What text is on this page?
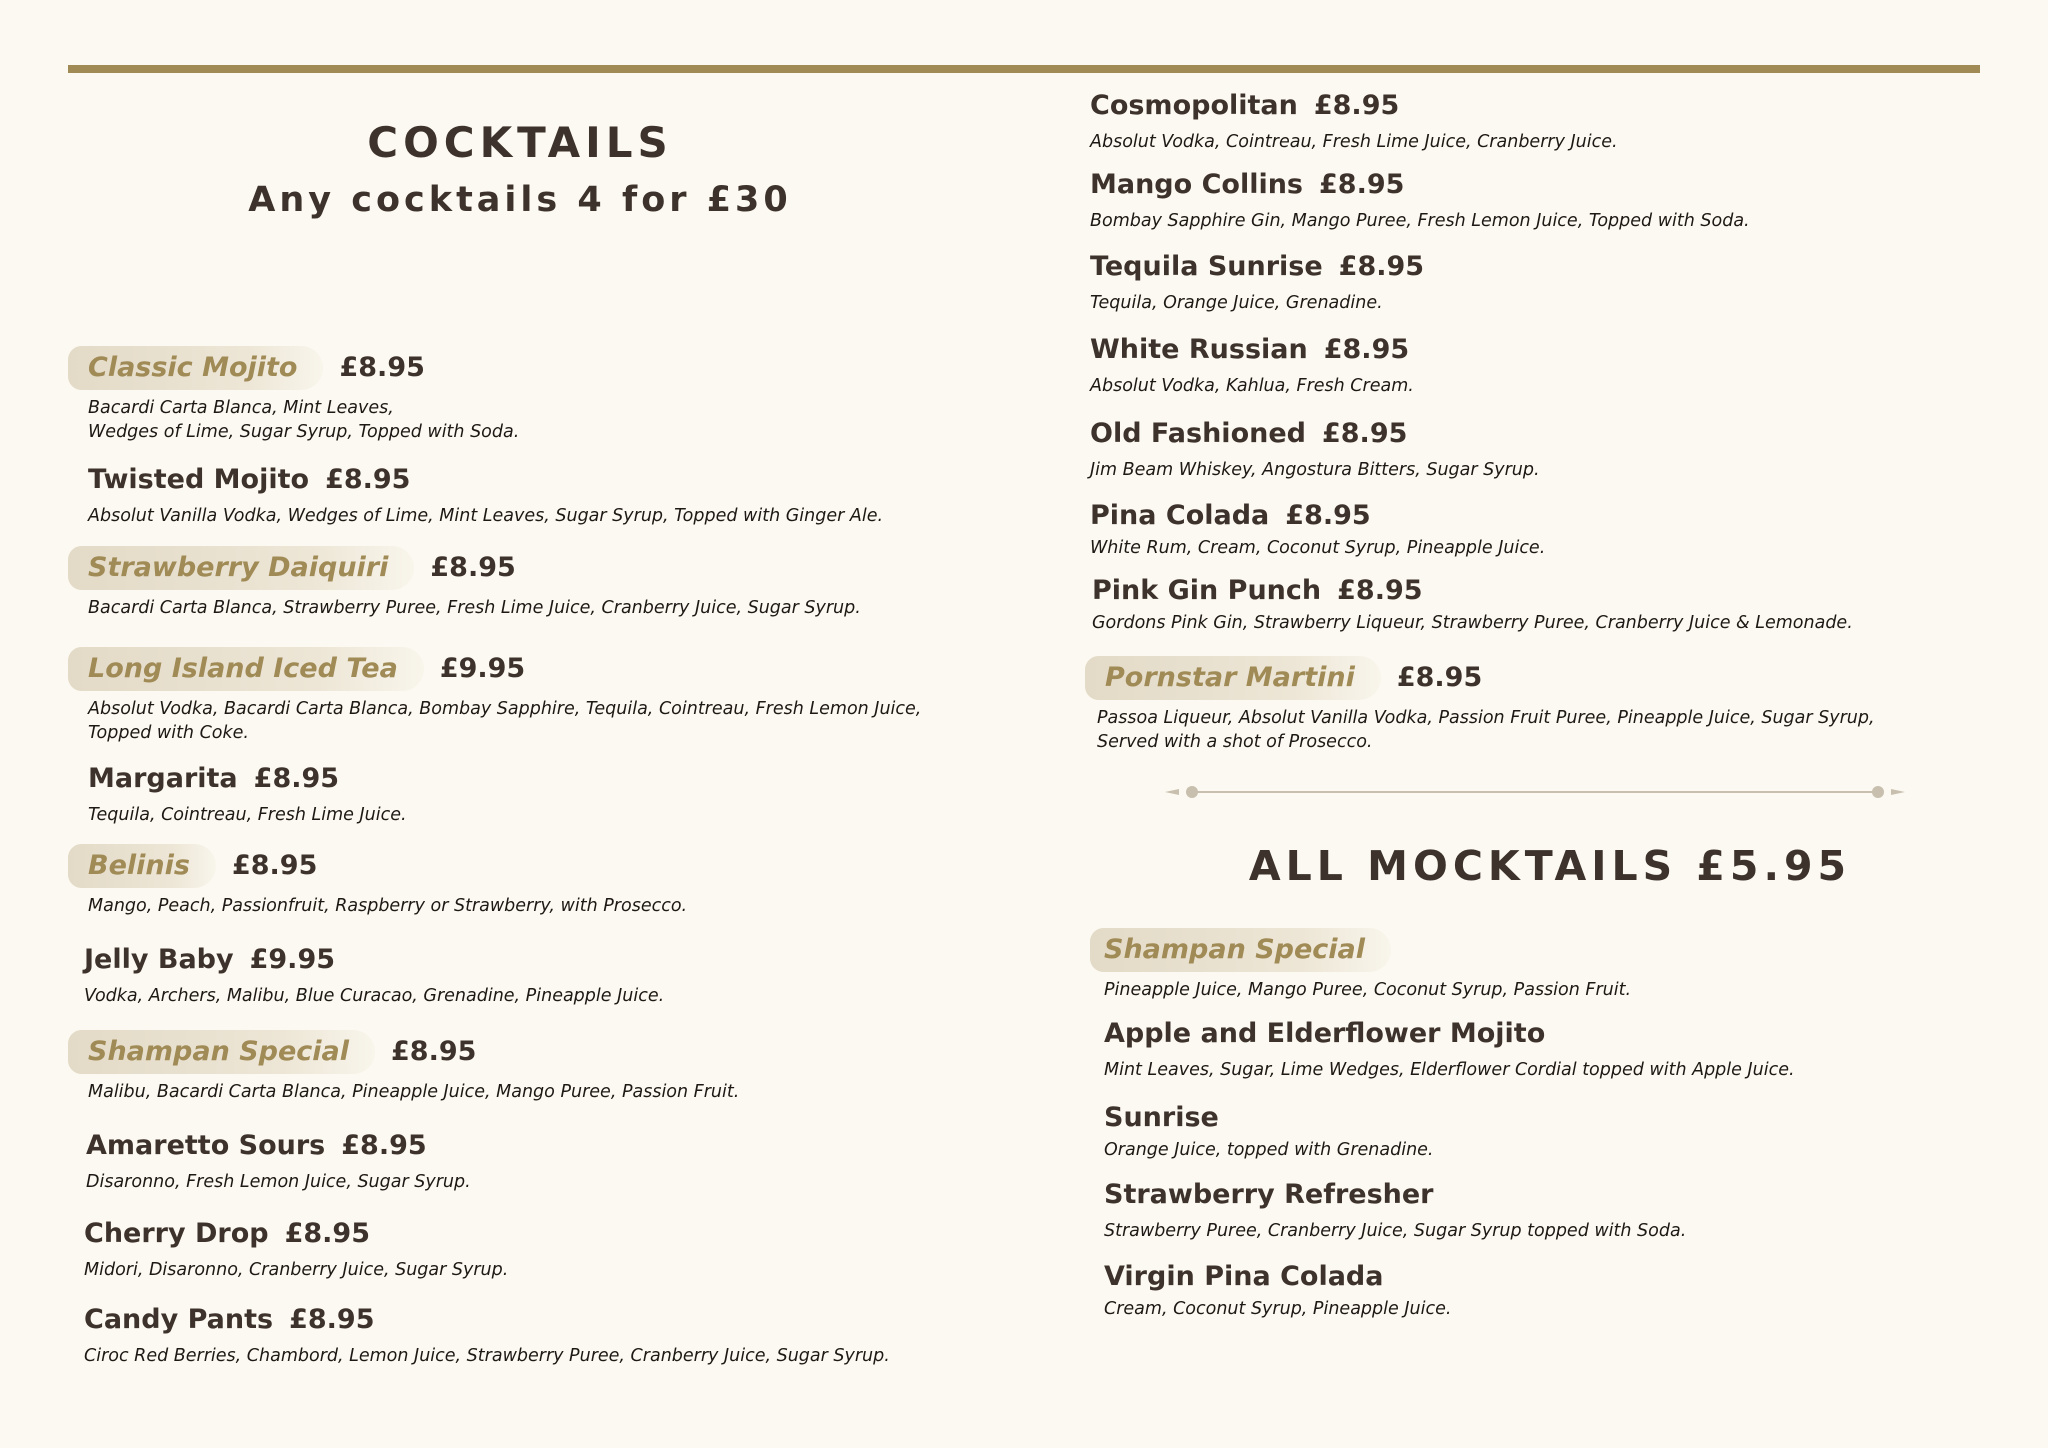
COCKTAILS
Any cocktails 4 for £30
Classic Mojito	£8.95
Bacardi Carta Blanca, Mint Leaves,
Wedges of Lime, Sugar Syrup, Topped with Soda.
Twisted Mojito £8.95
Absolut Vanilla Vodka, Wedges of Lime, Mint Leaves, Sugar Syrup, Topped with Ginger Ale.
Strawberry Daiquiri	£8.95
Bacardi Carta Blanca, Strawberry Puree, Fresh Lime Juice, Cranberry Juice, Sugar Syrup.
Long Island Iced Tea	£9.95
Absolut Vodka, Bacardi Carta Blanca, Bombay Sapphire, Tequila, Cointreau, Fresh Lemon Juice,
Topped with Coke.
Margarita £8.95
Tequila, Cointreau, Fresh Lime Juice.
Belinis	£8.95
Mango, Peach, Passionfruit, Raspberry or Strawberry, with Prosecco.
Jelly Baby £9.95
Vodka, Archers, Malibu, Blue Curacao, Grenadine, Pineapple Juice.
Shampan Special	£8.95
Malibu, Bacardi Carta Blanca, Pineapple Juice, Mango Puree, Passion Fruit.
Amaretto Sours £8.95
Disaronno, Fresh Lemon Juice, Sugar Syrup.
Cherry Drop £8.95
Midori, Disaronno, Cranberry Juice, Sugar Syrup.
Candy Pants £8.95
Ciroc Red Berries, Chambord, Lemon Juice, Strawberry Puree, Cranberry Juice, Sugar Syrup.
Cosmopolitan £8.95
Absolut Vodka, Cointreau, Fresh Lime Juice, Cranberry Juice.
Mango Collins £8.95
Bombay Sapphire Gin, Mango Puree, Fresh Lemon Juice, Topped with Soda.
Tequila Sunrise £8.95
Tequila, Orange Juice, Grenadine.
White Russian £8.95
Absolut Vodka, Kahlua, Fresh Cream.
Old Fashioned £8.95
Jim Beam Whiskey, Angostura Bitters, Sugar Syrup.
Pina Colada £8.95
White Rum, Cream, Coconut Syrup, Pineapple Juice.
Pink Gin Punch £8.95
Gordons Pink Gin, Strawberry Liqueur, Strawberry Puree, Cranberry Juice & Lemonade.
Pornstar Martini	£8.95
Passoa Liqueur, Absolut Vanilla Vodka, Passion Fruit Puree, Pineapple Juice, Sugar Syrup,
Served with a shot of Prosecco.
ALL MOCKTAILS £5.95
Shampan Special
Pineapple Juice, Mango Puree, Coconut Syrup, Passion Fruit.
Apple and Elderflower Mojito
Mint Leaves, Sugar, Lime Wedges, Elderflower Cordial topped with Apple Juice.
Sunrise
Orange Juice, topped with Grenadine.
Strawberry Refresher
Strawberry Puree, Cranberry Juice, Sugar Syrup topped with Soda.
Virgin Pina Colada
Cream, Coconut Syrup, Pineapple Juice.
